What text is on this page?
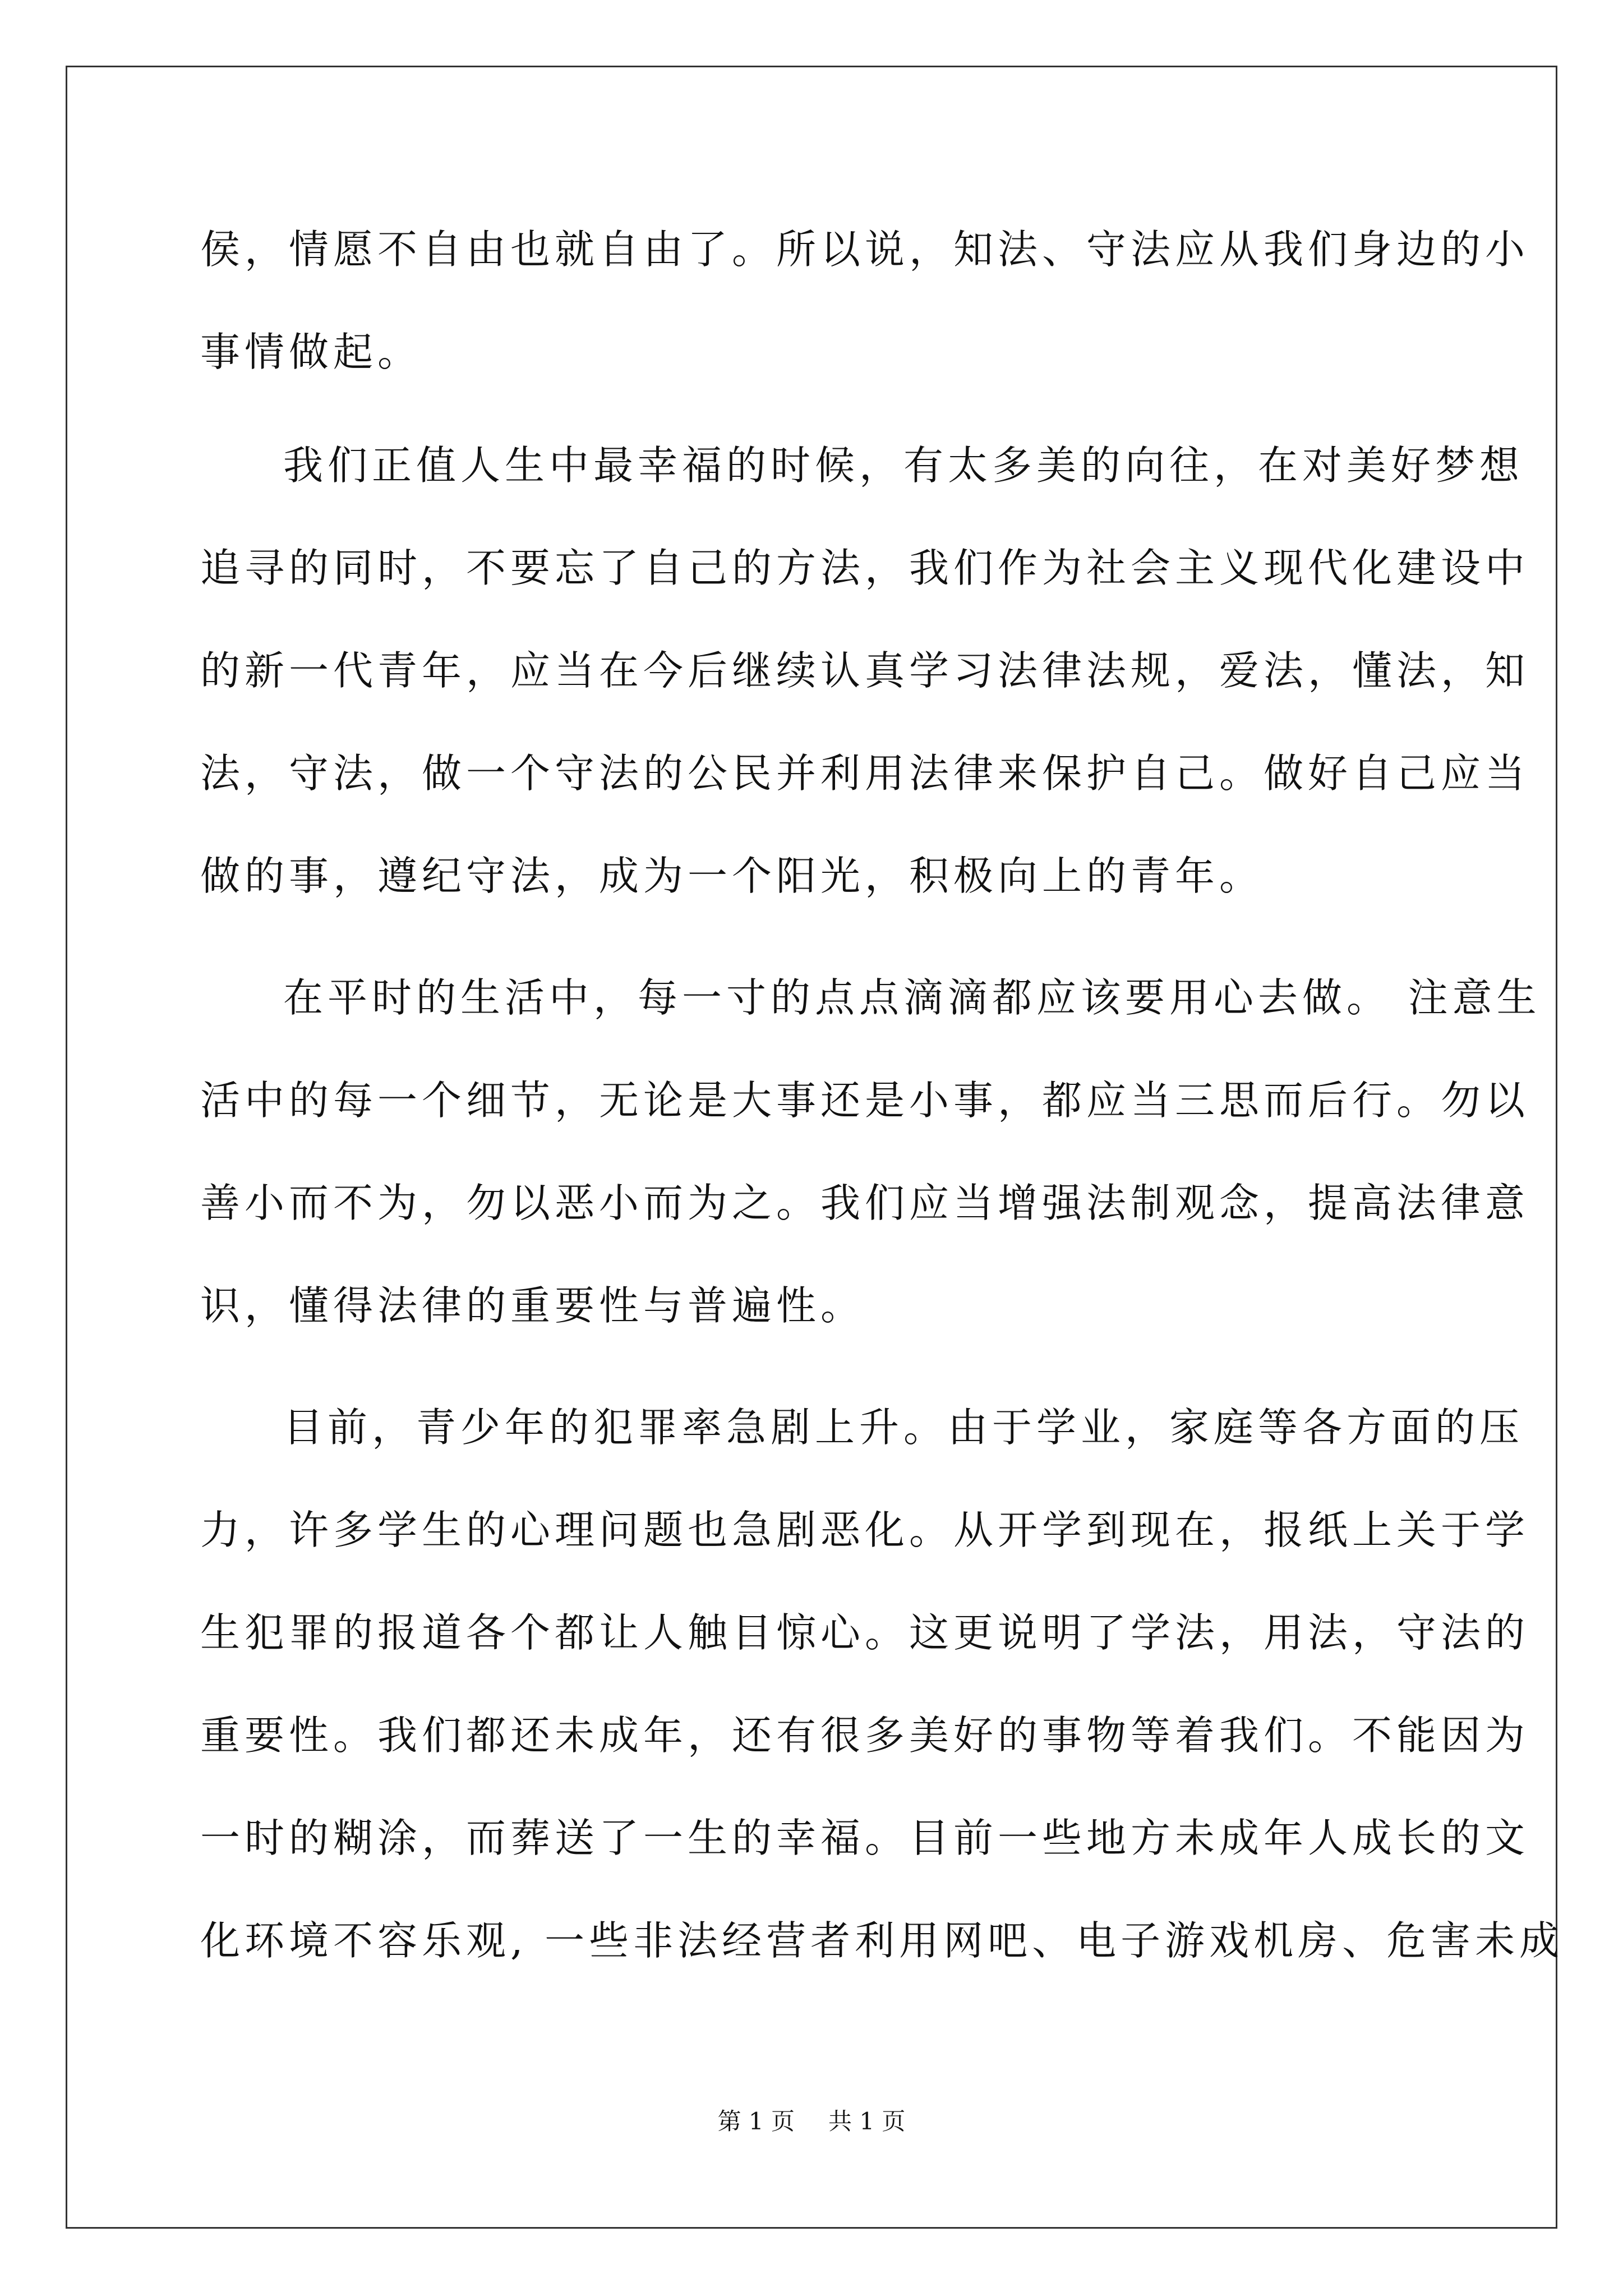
侯，情愿不自由也就自由了。所以说，知法、守法应从我们身边的小
事情做起。
我们正值人生中最幸福的时候，有太多美的向往，在对美好梦想
追寻的同时，不要忘了自己的方法，我们作为社会主义现代化建设中
的新一代青年，应当在今后继续认真学习法律法规，爱法，懂法，知
法，守法，做一个守法的公民并利用法律来保护自己。做好自己应当
做的事，遵纪守法，成为一个阳光，积极向上的青年。
在平时的生活中，每一寸的点点滴滴都应该要用心去做。 注意生
活中的每一个细节，无论是大事还是小事，都应当三思而后行。勿以
善小而不为，勿以恶小而为之。我们应当增强法制观念，提高法律意
识，懂得法律的重要性与普遍性。
目前，青少年的犯罪率急剧上升。由于学业，家庭等各方面的压
力，许多学生的心理问题也急剧恶化。从开学到现在，报纸上关于学
生犯罪的报道各个都让人触目惊心。这更说明了学法，用法，守法的
重要性。我们都还未成年，还有很多美好的事物等着我们。不能因为
一时的糊涂，而葬送了一生的幸福。目前一些地方未成年人成长的文
化环境不容乐观, 一些非法经营者利用网吧、电子游戏机房、危害未成
第 1 页 共 1 页
